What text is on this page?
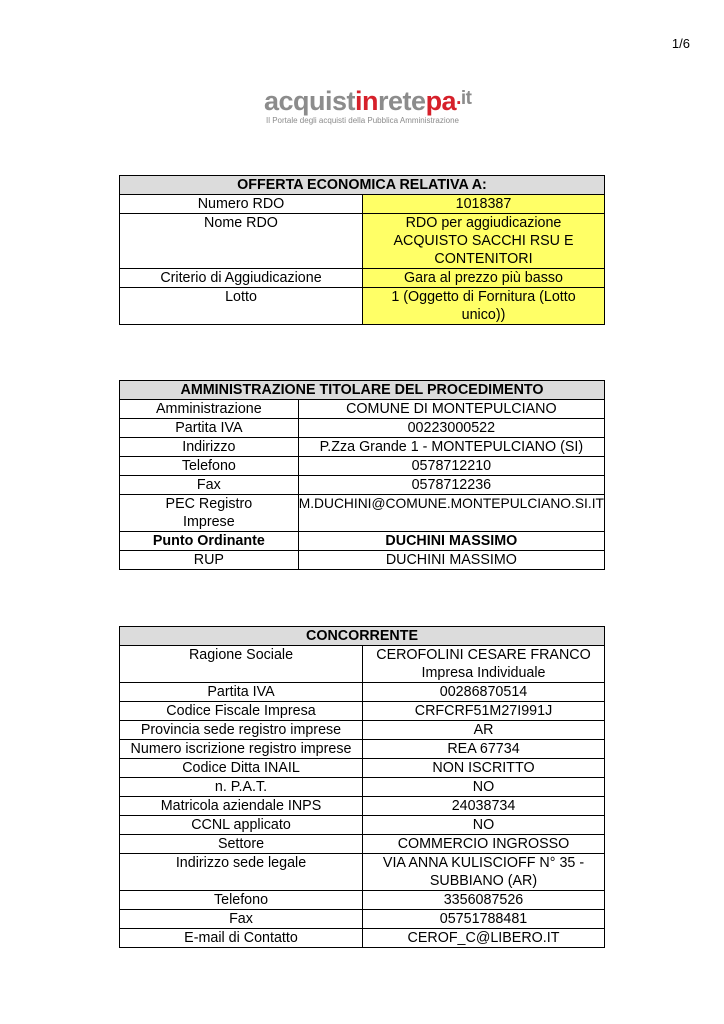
1/6
acquistinretepa$^{.it}$
Il Portale degli acquisti della Pubblica Amministrazione
OFFERTA ECONOMICA RELATIVA A:	
Numero RDO	1018387
Nome RDO	RDO per aggiudicazione ACQUISTO SACCHI RSU E CONTENITORI
Criterio di Aggiudicazione	Gara al prezzo più basso
Lotto	1 (Oggetto di Fornitura (Lotto unico))
AMMINISTRAZIONE TITOLARE DEL PROCEDIMENTO	
Amministrazione	COMUNE DI MONTEPULCIANO
Partita IVA	00223000522
Indirizzo	P.Zza Grande 1 - MONTEPULCIANO (SI)
Telefono	0578712210
Fax	0578712236
PEC Registro Imprese	M.DUCHINI@COMUNE.MONTEPULCIANO.SI.IT
Punto Ordinante	DUCHINI MASSIMO
RUP	DUCHINI MASSIMO
CONCORRENTE	
Ragione Sociale	CEROFOLINI CESARE FRANCO Impresa Individuale
Partita IVA	00286870514
Codice Fiscale Impresa	CRFCRF51M27I991J
Provincia sede registro imprese	AR
Numero iscrizione registro imprese	REA 67734
Codice Ditta INAIL	NON ISCRITTO
n. P.A.T.	NO
Matricola aziendale INPS	24038734
CCNL applicato	NO
Settore	COMMERCIO INGROSSO
Indirizzo sede legale	VIA ANNA KULISCIOFF N° 35 - SUBBIANO (AR)
Telefono	3356087526
Fax	05751788481
E-mail di Contatto	CEROF_C@LIBERO.IT
